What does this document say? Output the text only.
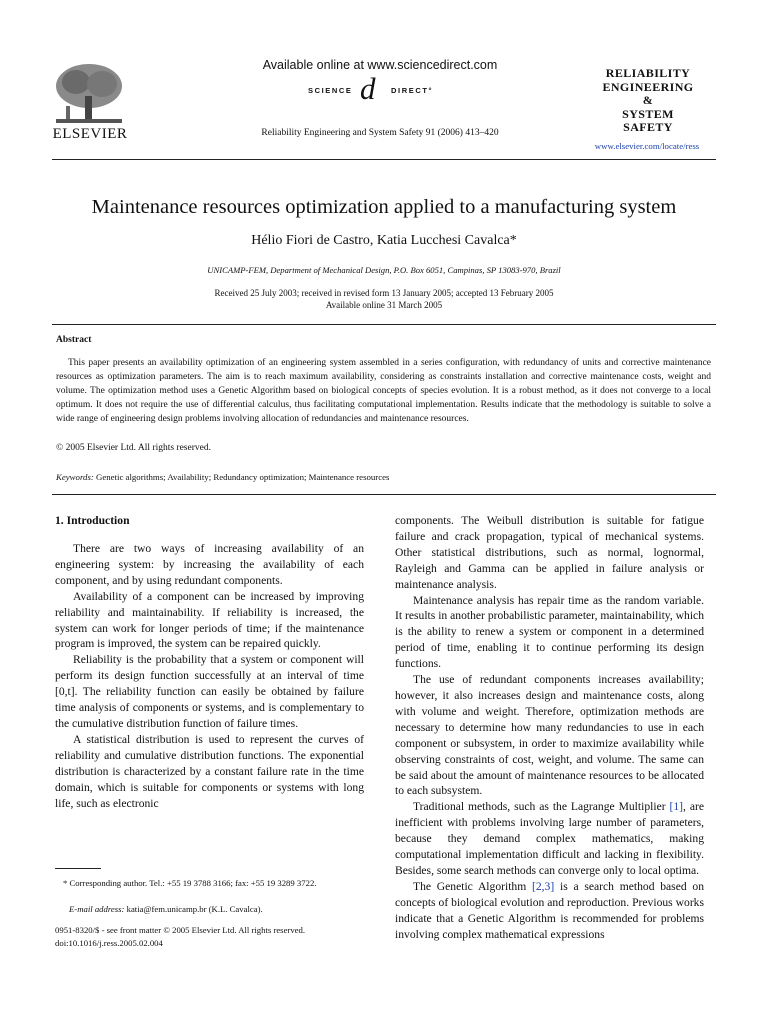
ELSEVIER
Available online at www.sciencedirect.com
SCIENCE d DIRECT°
Reliability Engineering and System Safety 91 (2006) 413–420
RELIABILITY
ENGINEERING
&
SYSTEM
SAFETY
www.elsevier.com/locate/ress
Maintenance resources optimization applied to a manufacturing system
Hélio Fiori de Castro, Katia Lucchesi Cavalca*
UNICAMP-FEM, Department of Mechanical Design, P.O. Box 6051, Campinas, SP 13083-970, Brazil
Received 25 July 2003; received in revised form 13 January 2005; accepted 13 February 2005
Available online 31 March 2005
Abstract

This paper presents an availability optimization of an engineering system assembled in a series configuration, with redundancy of units and corrective maintenance resources as optimization parameters. The aim is to reach maximum availability, considering as constraints installation and corrective maintenance costs, weight and volume. The optimization method uses a Genetic Algorithm based on biological concepts of species evolution. It is a robust method, as it does not converge to a local optimum. It does not require the use of differential calculus, thus facilitating computational implementation. Results indicate that the methodology is suitable to solve a wide range of engineering design problems involving allocation of redundancies and maintenance resources.

© 2005 Elsevier Ltd. All rights reserved.
Keywords: Genetic algorithms; Availability; Redundancy optimization; Maintenance resources
1. Introduction

There are two ways of increasing availability of an engineering system: by increasing the availability of each component, and by using redundant components.

Availability of a component can be increased by improving reliability and maintainability. If reliability is increased, the system can work for longer periods of time; if the maintenance program is improved, the system can be repaired quickly.

Reliability is the probability that a system or component will perform its design function successfully at an interval of time [0,t]. The reliability function can easily be obtained by failure time analysis of components or systems, and is complementary to the cumulative distribution function of failure times.

A statistical distribution is used to represent the curves of reliability and cumulative distribution functions. The exponential distribution is characterized by a constant failure rate in the time domain, which is suitable for components or systems with long life, such as electronic

components. The Weibull distribution is suitable for fatigue failure and crack propagation, typical of mechanical systems. Other statistical distributions, such as normal, lognormal, Rayleigh and Gamma can be applied in failure analysis or maintenance analysis.

Maintenance analysis has repair time as the random variable. It results in another probabilistic parameter, maintainability, which is the ability to renew a system or component in a determined period of time, enabling it to continue performing its design functions.

The use of redundant components increases availability; however, it also increases design and maintenance costs, along with volume and weight. Therefore, optimization methods are necessary to determine how many redundancies to use in each component or subsystem, in order to maximize availability while observing constraints of cost, weight, and volume. The same can be said about the amount of maintenance resources to be allocated to each subsystem.

Traditional methods, such as the Lagrange Multiplier [1], are inefficient with problems involving large number of parameters, because they demand complex mathematics, making computational implementation difficult and lacking in flexibility. Besides, some search methods can converge only to local optima.

The Genetic Algorithm [2,3] is a search method based on concepts of biological evolution and reproduction. Previous works indicate that a Genetic Algorithm is recommended for problems involving complex mathematical expressions

* Corresponding author. Tel.: +55 19 3788 3166; fax: +55 19 3289 3722.
E-mail address: katia@fem.unicamp.br (K.L. Cavalca).
0951-8320/$ - see front matter © 2005 Elsevier Ltd. All rights reserved.
doi:10.1016/j.ress.2005.02.004
